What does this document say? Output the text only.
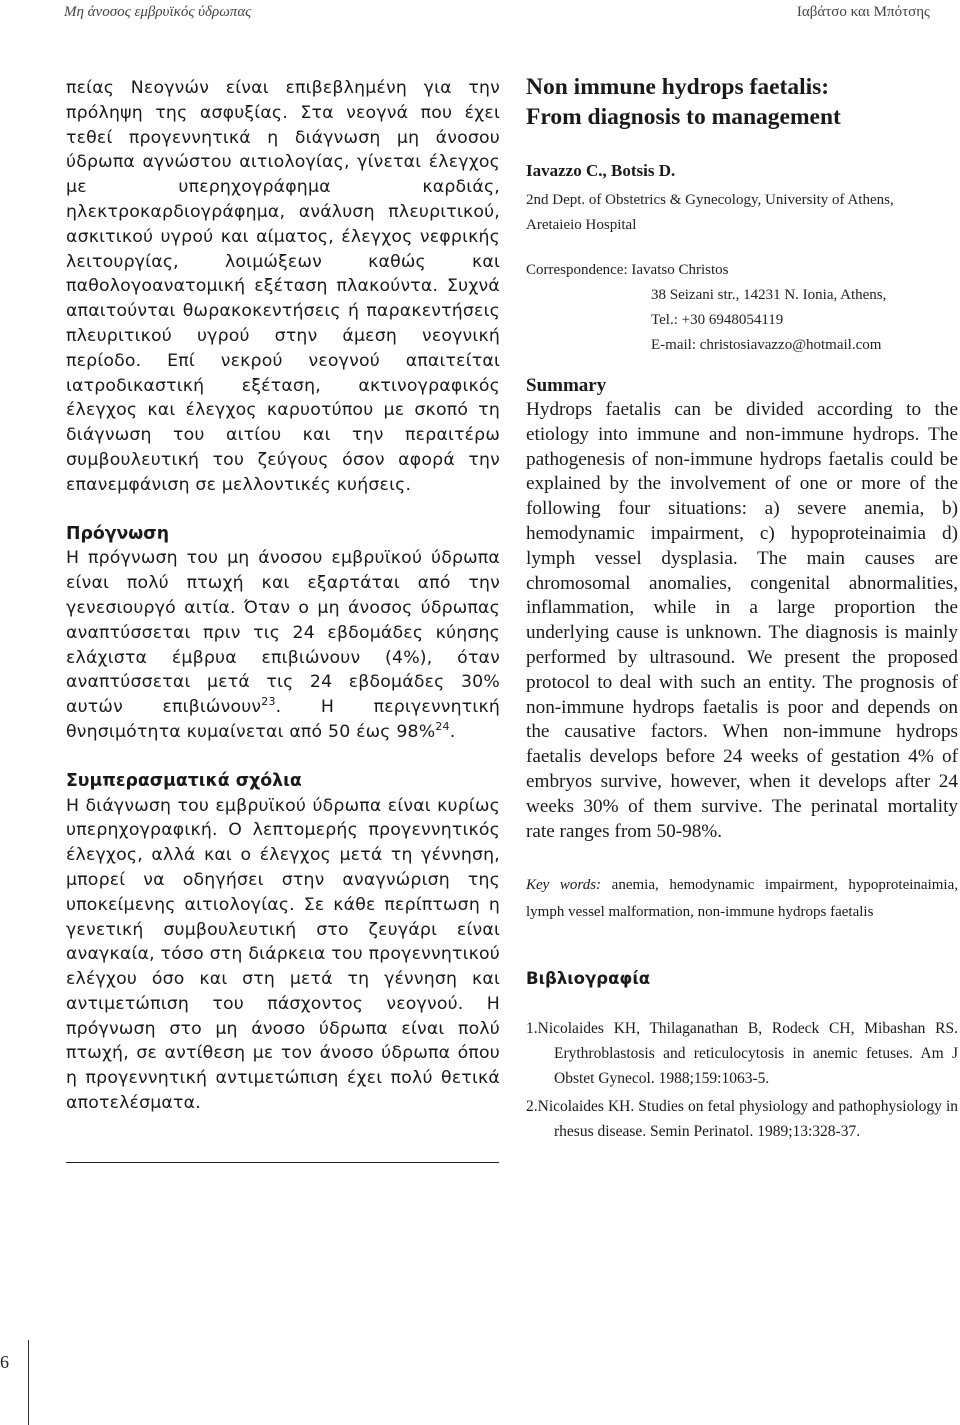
Μη άνοσος εμβρυϊκός ύδρωπας	Ιαβάτσο και Μπότσης

πείας Νεογνών είναι επιβεβλημένη για την πρόληψη της ασφυξίας. Στα νεογνά που έχει τεθεί προγεννητικά η διάγνωση μη άνοσου ύδρωπα αγνώστου αιτιολογίας, γίνεται έλεγχος με υπερηχογράφημα καρδιάς, ηλεκτροκαρδιογράφημα, ανάλυση πλευριτικού, ασκιτικού υγρού και αίματος, έλεγχος νεφρικής λειτουργίας, λοιμώξεων καθώς και παθολογοανατομική εξέταση πλακούντα. Συχνά απαιτούνται θωρακοκεντήσεις ή παρακεντήσεις πλευριτικού υγρού στην άμεση νεογνική περίοδο. Επί νεκρού νεογνού απαιτείται ιατροδικαστική εξέταση, ακτινογραφικός έλεγχος και έλεγχος καρυοτύπου με σκοπό τη διάγνωση του αιτίου και την περαιτέρω συμβουλευτική του ζεύγους όσον αφορά την επανεμφάνιση σε μελλοντικές κυήσεις.

Πρόγνωση

Η πρόγνωση του μη άνοσου εμβρυϊκού ύδρωπα είναι πολύ πτωχή και εξαρτάται από την γενεσιουργό αιτία. Όταν ο μη άνοσος ύδρωπας αναπτύσσεται πριν τις 24 εβδομάδες κύησης ελάχιστα έμβρυα επιβιώνουν (4%), όταν αναπτύσσεται μετά τις 24 εβδομάδες 30% αυτών επιβιώνουν$^{23}$. Η περιγεννητική θνησιμότητα κυμαίνεται από 50 έως 98%$^{24}$.

Συμπερασματικά σχόλια

Η διάγνωση του εμβρυϊκού ύδρωπα είναι κυρίως υπερηχογραφική. Ο λεπτομερής προγεννητικός έλεγχος, αλλά και ο έλεγχος μετά τη γέννηση, μπορεί να οδηγήσει στην αναγνώριση της υποκείμενης αιτιολογίας. Σε κάθε περίπτωση η γενετική συμβουλευτική στο ζευγάρι είναι αναγκαία, τόσο στη διάρκεια του προγεννητικού ελέγχου όσο και στη μετά τη γέννηση και αντιμετώπιση του πάσχοντος νεογνού. Η πρόγνωση στο μη άνοσο ύδρωπα είναι πολύ πτωχή, σε αντίθεση με τον άνοσο ύδρωπα όπου η προγεννητική αντιμετώπιση έχει πολύ θετικά αποτελέσματα.

Non immune hydrops faetalis:
From diagnosis to management

Iavazzo C., Botsis D.

2nd Dept. of Obstetrics & Gynecology, University of Athens,
Aretaieio Hospital

Correspondence: Iavatso Christos
38 Seizani str., 14231 N. Ionia, Athens,
Tel.: +30 6948054119
E-mail: christosiavazzo@hotmail.com

Summary

Hydrops faetalis can be divided according to the etiology into immune and non-immune hydrops. The pathogenesis of non-immune hydrops faetalis could be explained by the involvement of one or more of the following four situations: a) severe anemia, b) hemodynamic impairment, c) hypoproteinaimia d) lymph vessel dysplasia. The main causes are chromosomal anomalies, congenital abnormalities, inflammation, while in a large proportion the underlying cause is unknown. The diagnosis is mainly performed by ultrasound. We present the proposed protocol to deal with such an entity. The prognosis of non-immune hydrops faetalis is poor and depends on the causative factors. When non-immune hydrops faetalis develops before 24 weeks of gestation 4% of embryos survive, however, when it develops after 24 weeks 30% of them survive. The perinatal mortality rate ranges from 50-98%.

Key words: anemia, hemodynamic impairment, hypoproteinaimia, lymph vessel malformation, non-immune hydrops faetalis

Βιβλιογραφία

1.Nicolaides KH, Thilaganathan B, Rodeck CH, Mibashan RS. Erythroblastosis and reticulocytosis in anemic fetuses. Am J Obstet Gynecol. 1988;159:1063-5.
2.Nicolaides KH. Studies on fetal physiology and pathophysiology in rhesus disease. Semin Perinatol. 1989;13:328-37.
6
